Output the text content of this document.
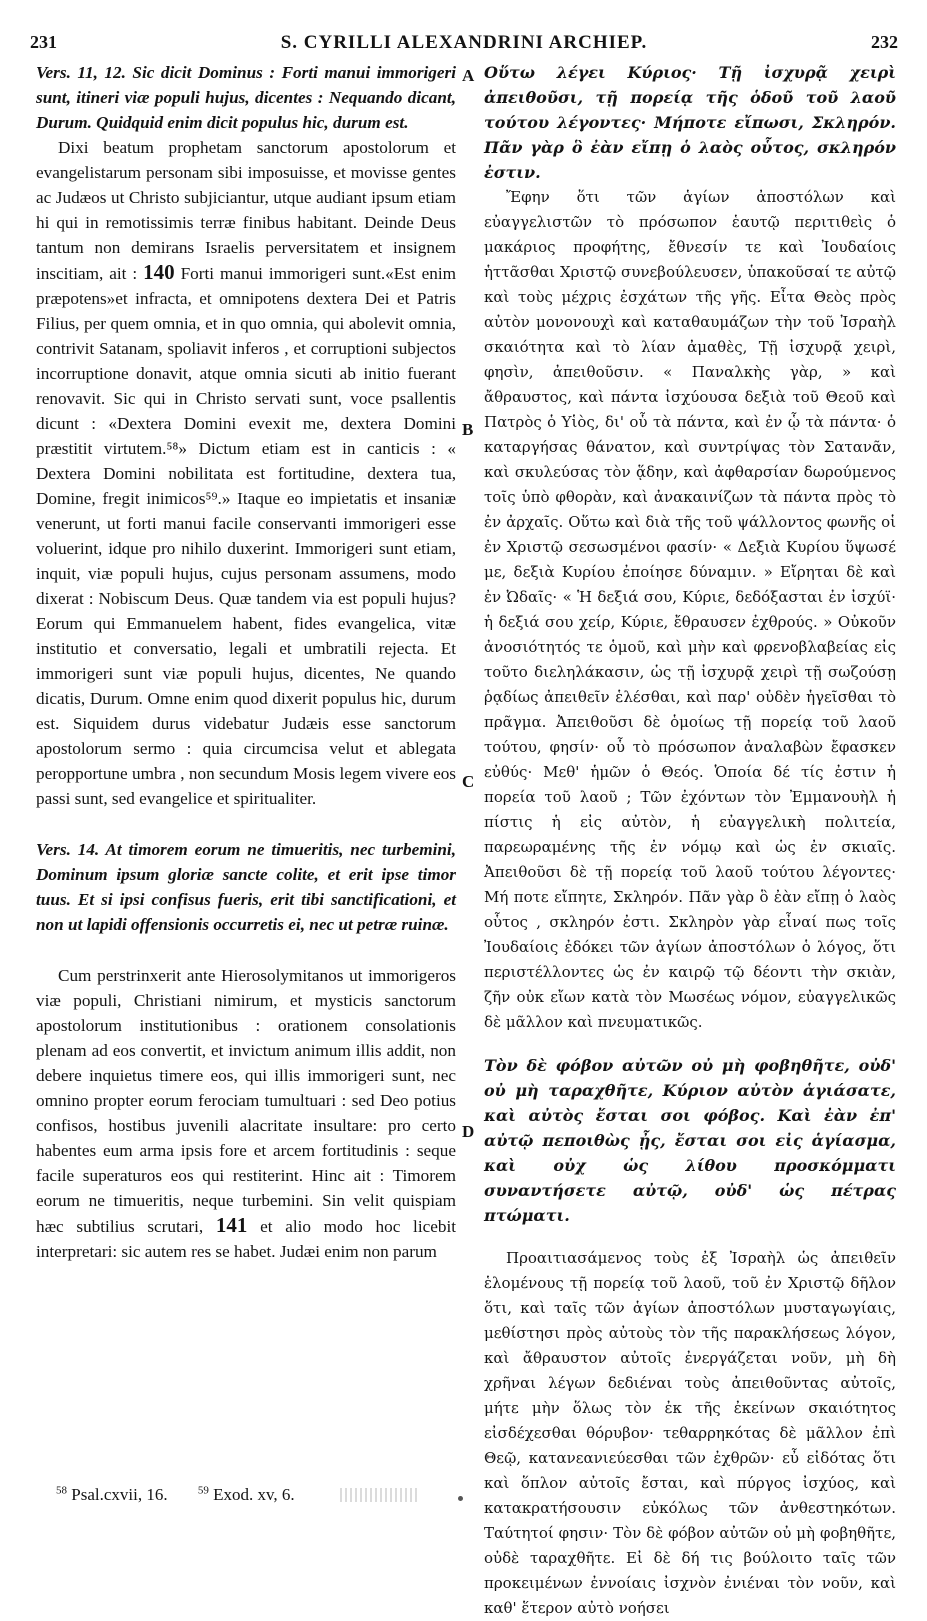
231	S. CYRILLI ALEXANDRINI ARCHIEP.	232

Vers. 11, 12. Sic dicit Dominus : Forti manui immorigeri sunt, itineri viæ populi hujus, dicentes : Nequando dicant, Durum. Quidquid enim dicit populus hic, durum est.

Dixi beatum prophetam sanctorum apostolorum et evangelistarum personam sibi imposuisse, et movisse gentes ac Judæos ut Christo subjiciantur, utque audiant ipsum etiam hi qui in remotissimis terræ finibus habitant. Deinde Deus tantum non demirans Israelis perversitatem et insignem inscitiam, ait : 140 Forti manui immorigeri sunt.«Est enim præpotens»et infracta, et omnipotens dextera Dei et Patris Filius, per quem omnia, et in quo omnia, qui abolevit omnia, contrivit Satanam, spoliavit inferos , et corruptioni subjectos incorruptione donavit, atque omnia sicuti ab initio fuerant renovavit. Sic qui in Christo servati sunt, voce psallentis dicunt : «Dextera Domini evexit me, dextera Domini præstitit virtutem.⁵⁸» Dictum etiam est in canticis : « Dextera Domini nobilitata est fortitudine, dextera tua, Domine, fregit inimicos⁵⁹.» Itaque eo impietatis et insaniæ venerunt, ut forti manui facile conservanti immorigeri esse voluerint, idque pro nihilo duxerint. Immorigeri sunt etiam, inquit, viæ populi hujus, cujus personam assumens, modo dixerat : Nobiscum Deus. Quæ tandem via est populi hujus? Eorum qui Emmanuelem habent, fides evangelica, vitæ institutio et conversatio, legali et umbratili rejecta. Et immorigeri sunt viæ populi hujus, dicentes, Ne quando dicatis, Durum. Omne enim quod dixerit populus hic, durum est. Siquidem durus videbatur Judæis esse sanctorum apostolorum sermo : quia circumcisa velut et ablegata peropportune umbra , non secundum Mosis legem vivere eos passi sunt, sed evangelice et spiritualiter.

Vers. 14. At timorem eorum ne timueritis, nec turbemini, Dominum ipsum gloriæ sancte colite, et erit ipse timor tuus. Et si ipsi confisus fueris, erit tibi sanctificationi, et non ut lapidi offensionis occurretis ei, nec ut petræ ruinæ.

Cum perstrinxerit ante Hierosolymitanos ut immorigeros viæ populi, Christiani nimirum, et mysticis sanctorum apostolorum institutionibus : orationem consolationis plenam ad eos convertit, et invictum animum illis addit, non debere inquietus timere eos, qui illis immorigeri sunt, nec omnino propter eorum ferociam tumultuari : sed Deo potius confisos, hostibus juvenili alacritate insultare: pro certo habentes eum arma ipsis fore et arcem fortitudinis : seque facile superaturos eos qui restiterint. Hinc ait : Timorem eorum ne timueritis, neque turbemini. Sin velit quispiam hæc subtilius scrutari, 141 et alio modo hoc licebit interpretari: sic autem res se habet. Judæi enim non parum

Οὕτω λέγει Κύριος· Τῇ ἰσχυρᾷ χειρὶ ἀπειθοῦσι, τῇ πορείᾳ τῆς ὁδοῦ τοῦ λαοῦ τούτου λέγοντες· Μήποτε εἴπωσι, Σκληρόν. Πᾶν γὰρ ὃ ἐὰν εἴπῃ ὁ λαὸς οὗτος, σκληρόν ἐστιν.

Ἔφην ὅτι τῶν ἁγίων ἀποστόλων καὶ εὐαγγελιστῶν τὸ πρόσωπον ἑαυτῷ περιτιθεὶς ὁ μακάριος προφήτης, ἔθνεσίν τε καὶ Ἰουδαίοις ἡττᾶσθαι Χριστῷ συνεβούλευσεν, ὑπακοῦσαί τε αὐτῷ καὶ τοὺς μέχρις ἐσχάτων τῆς γῆς. Εἶτα Θεὸς πρὸς αὐτὸν μονονουχὶ καὶ καταθαυμάζων τὴν τοῦ Ἰσραὴλ σκαιότητα καὶ τὸ λίαν ἀμαθὲς, Τῇ ἰσχυρᾷ χειρὶ, φησὶν, ἀπειθοῦσιν. « Παναλκὴς γὰρ, » καὶ ἄθραυστος, καὶ πάντα ἰσχύουσα δεξιὰ τοῦ Θεοῦ καὶ Πατρὸς ὁ Υἱὸς, δι' οὗ τὰ πάντα, καὶ ἐν ᾧ τὰ πάντα· ὁ καταργήσας θάνατον, καὶ συντρίψας τὸν Σατανᾶν, καὶ σκυλεύσας τὸν ᾅδην, καὶ ἀφθαρσίαν δωρούμενος τοῖς ὑπὸ φθορὰν, καὶ ἀνακαινίζων τὰ πάντα πρὸς τὸ ἐν ἀρχαῖς. Οὕτω καὶ διὰ τῆς τοῦ ψάλλοντος φωνῆς οἱ ἐν Χριστῷ σεσωσμένοι φασίν· « Δεξιὰ Κυρίου ὕψωσέ με, δεξιὰ Κυρίου ἐποίησε δύναμιν. » Εἴρηται δὲ καὶ ἐν Ὠδαῖς· « Ἡ δεξιά σου, Κύριε, δεδόξασται ἐν ἰσχύϊ· ἡ δεξιά σου χείρ, Κύριε, ἔθραυσεν ἐχθρούς. » Οὐκοῦν ἀνοσιότητός τε ὁμοῦ, καὶ μὴν καὶ φρενοβλαβείας εἰς τοῦτο διεληλάκασιν, ὡς τῇ ἰσχυρᾷ χειρὶ τῇ σωζούσῃ ῥᾳδίως ἀπειθεῖν ἑλέσθαι, καὶ παρ' οὐδὲν ἡγεῖσθαι τὸ πρᾶγμα. Ἀπειθοῦσι δὲ ὁμοίως τῇ πορείᾳ τοῦ λαοῦ τούτου, φησίν· οὗ τὸ πρόσωπον ἀναλαβὼν ἔφασκεν εὐθύς· Μεθ' ἡμῶν ὁ Θεός. Ὁποία δέ τίς ἐστιν ἡ πορεία τοῦ λαοῦ ; Τῶν ἐχόντων τὸν Ἐμμανουὴλ ἡ πίστις ἡ εἰς αὐτὸν, ἡ εὐαγγελικὴ πολιτεία, παρεωραμένης τῆς ἐν νόμῳ καὶ ὡς ἐν σκιαῖς. Ἀπειθοῦσι δὲ τῇ πορείᾳ τοῦ λαοῦ τούτου λέγοντες· Μή ποτε εἴπητε, Σκληρόν. Πᾶν γὰρ ὃ ἐὰν εἴπῃ ὁ λαὸς οὗτος , σκληρόν ἐστι. Σκληρὸν γὰρ εἶναί πως τοῖς Ἰουδαίοις ἐδόκει τῶν ἁγίων ἀποστόλων ὁ λόγος, ὅτι περιστέλλοντες ὡς ἐν καιρῷ τῷ δέοντι τὴν σκιὰν, ζῆν οὐκ εἴων κατὰ τὸν Μωσέως νόμον, εὐαγγελικῶς δὲ μᾶλλον καὶ πνευματικῶς.

Τὸν δὲ φόβον αὐτῶν οὐ μὴ φοβηθῆτε, οὐδ' οὐ μὴ ταραχθῆτε, Κύριον αὐτὸν ἁγιάσατε, καὶ αὐτὸς ἔσται σοι φόβος. Καὶ ἐὰν ἐπ' αὐτῷ πεποιθὼς ᾖς, ἔσται σοι εἰς ἁγίασμα, καὶ οὐχ ὡς λίθου προσκόμματι συναντήσετε αὐτῷ, οὐδ' ὡς πέτρας πτώματι.

Προαιτιασάμενος τοὺς ἐξ Ἰσραὴλ ὡς ἀπειθεῖν ἑλομένους τῇ πορείᾳ τοῦ λαοῦ, τοῦ ἐν Χριστῷ δῆλον ὅτι, καὶ ταῖς τῶν ἁγίων ἀποστόλων μυσταγωγίαις, μεθίστησι πρὸς αὐτοὺς τὸν τῆς παρακλήσεως λόγον, καὶ ἄθραυστον αὐτοῖς ἐνεργάζεται νοῦν, μὴ δὴ χρῆναι λέγων δεδιέναι τοὺς ἀπειθοῦντας αὐτοῖς, μήτε μὴν ὅλως τὸν ἐκ τῆς ἐκείνων σκαιότητος εἰσδέχεσθαι θόρυβον· τεθαρρηκότας δὲ μᾶλλον ἐπὶ Θεῷ, κατανεανιεύεσθαι τῶν ἐχθρῶν· εὖ εἰδότας ὅτι καὶ ὅπλον αὐτοῖς ἔσται, καὶ πύργος ἰσχύος, καὶ κατακρατήσουσιν εὐκόλως τῶν ἀνθεστηκότων. Ταύτητοί φησιν· Τὸν δὲ φόβον αὐτῶν οὐ μὴ φοβηθῆτε, οὐδὲ ταραχθῆτε. Εἰ δὲ δή τις βούλοιτο ταῖς τῶν προκειμένων ἐννοίαις ἰσχνὸν ἐνιέναι τὸν νοῦν, καὶ καθ' ἕτερον αὐτὸ νοήσει

A
B
C
D
$^{58}$ Psal.cxvii, 16.	$^{59}$ Exod. xv, 6.
